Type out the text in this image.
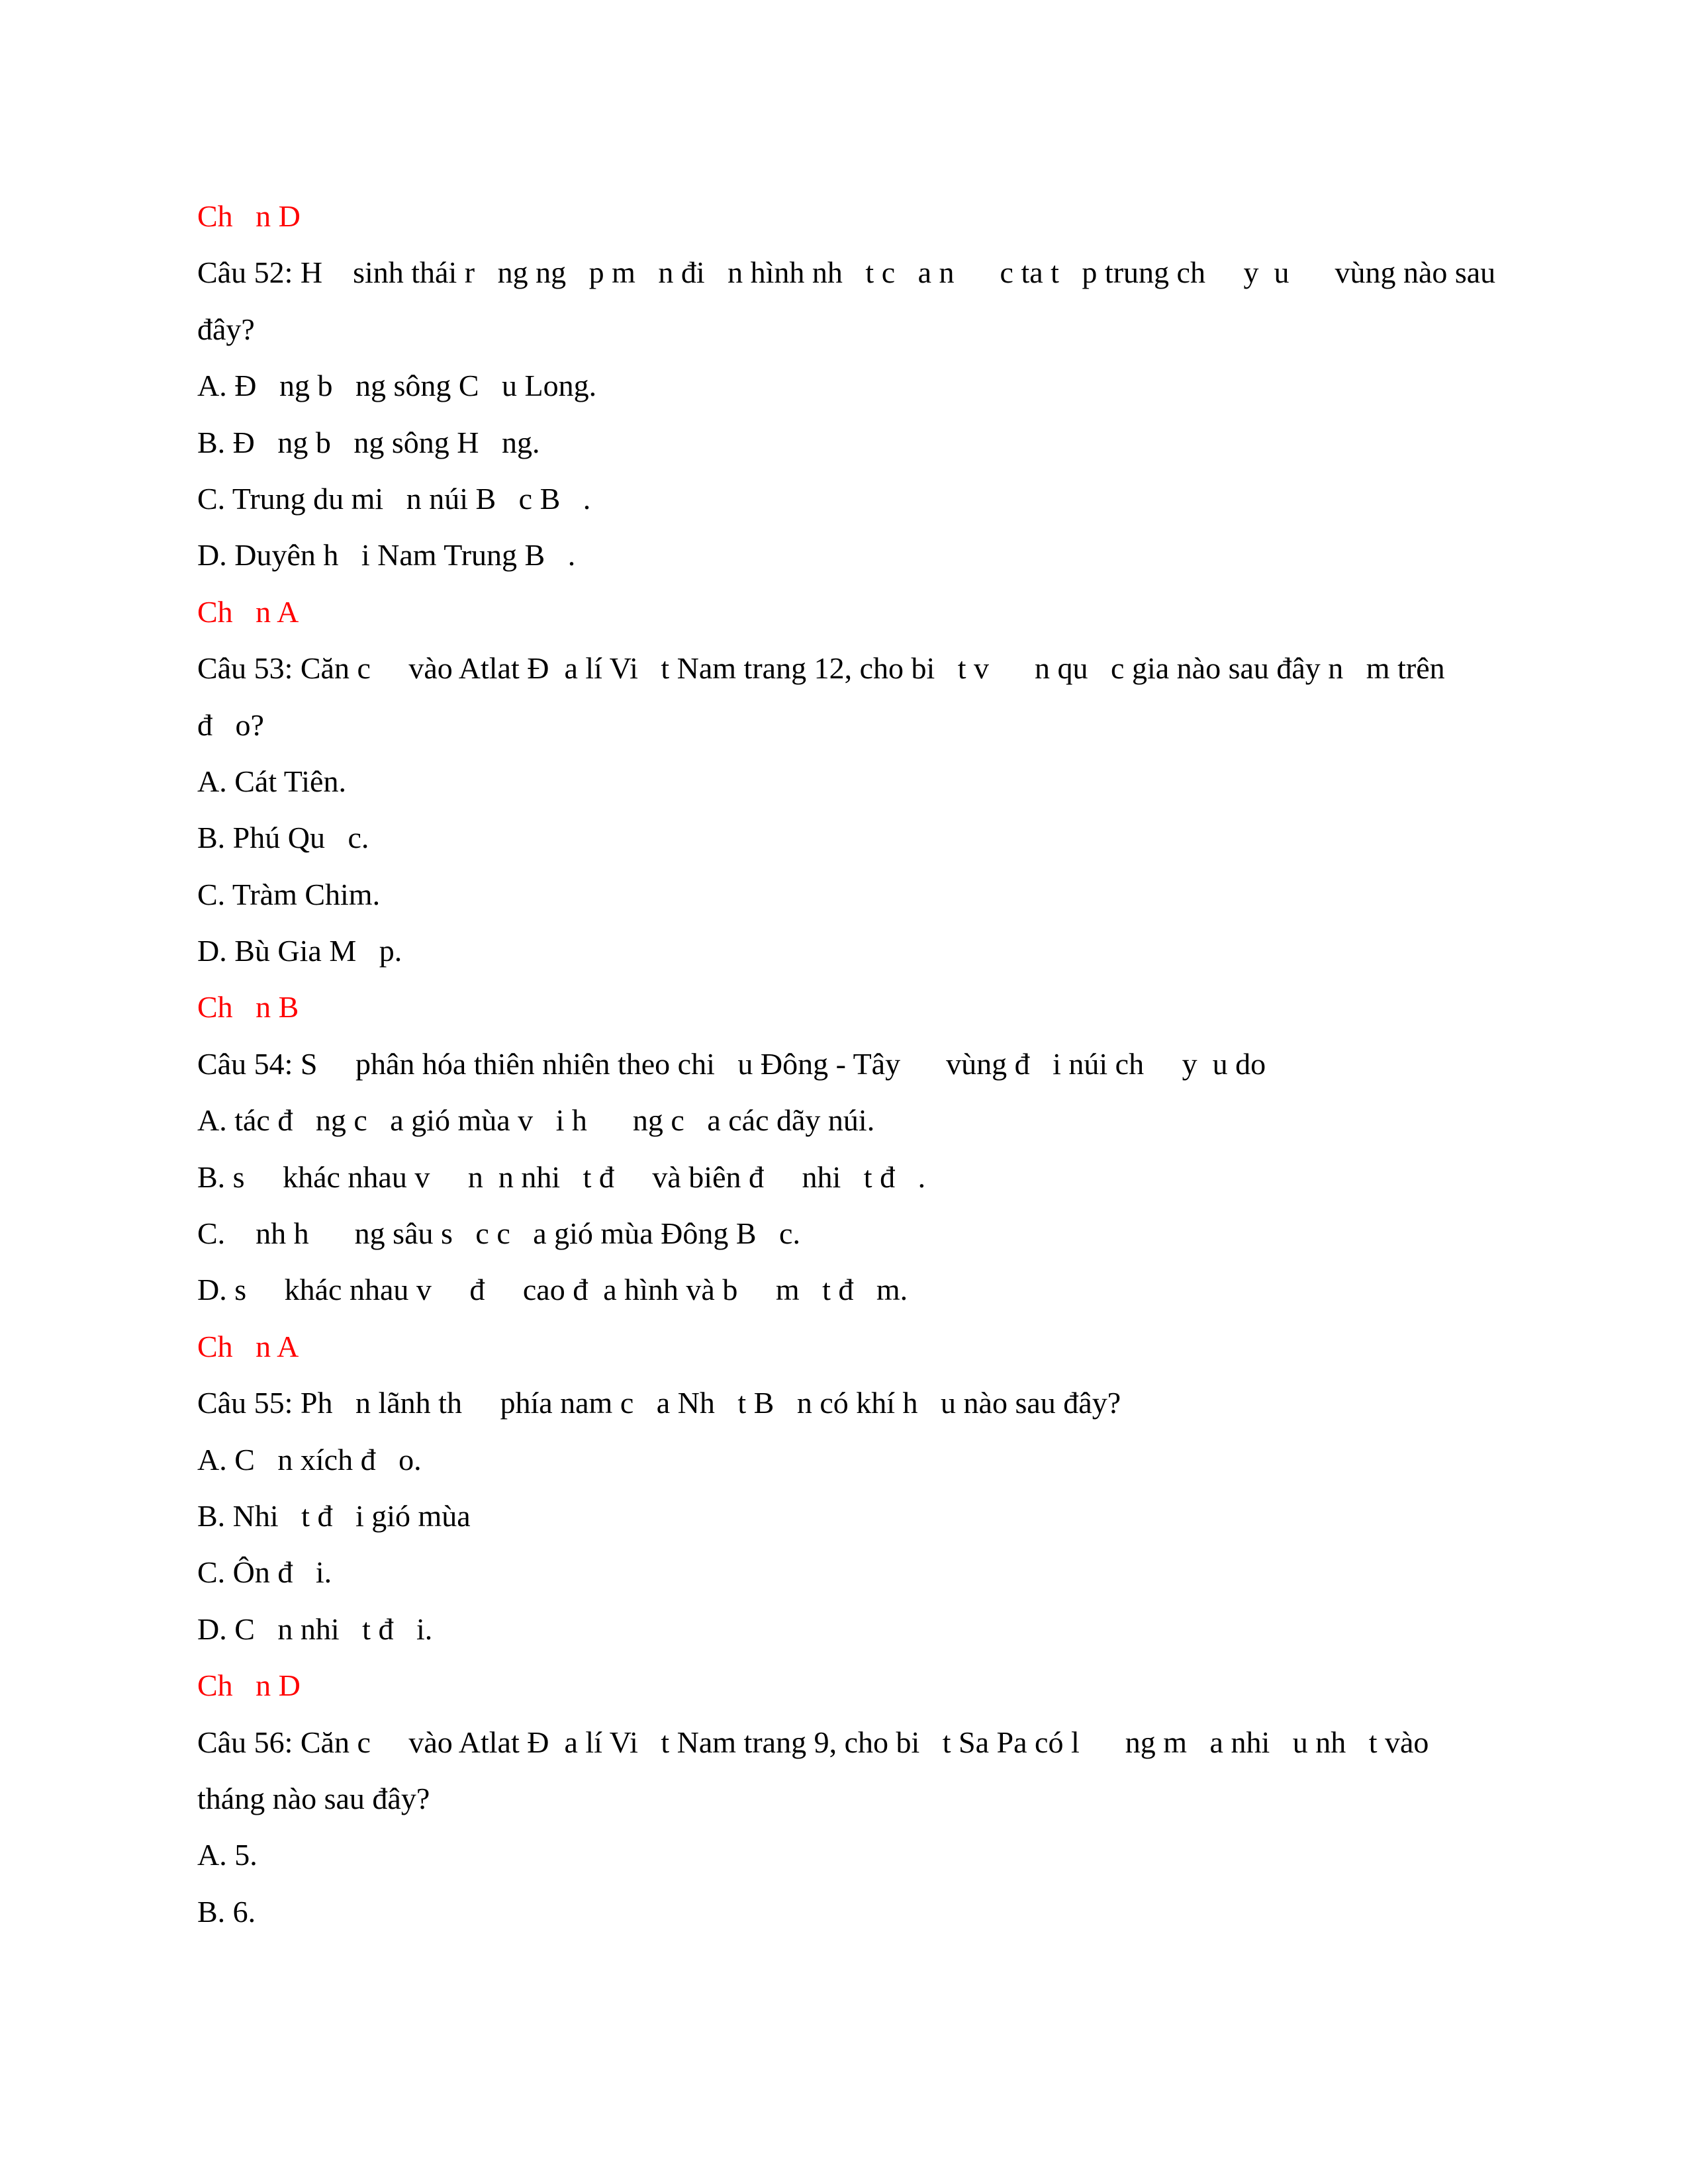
Ch   n D
Câu 52: H    sinh thái r   ng ng   p m   n đi   n hình nh   t c   a n      c ta t   p trung ch     y  u      vùng nào sau
đây?
A. Đ   ng b   ng sông C   u Long.
B. Đ   ng b   ng sông H   ng.
C. Trung du mi   n núi B   c B   .
D. Duyên h   i Nam Trung B   .
Ch   n A
Câu 53: Căn c     vào Atlat Đ  a lí Vi   t Nam trang 12, cho bi   t v      n qu   c gia nào sau đây n   m trên
đ   o?
A. Cát Tiên.
B. Phú Qu   c.
C. Tràm Chim.
D. Bù Gia M   p.
Ch   n B
Câu 54: S     phân hóa thiên nhiên theo chi   u Đông - Tây      vùng đ   i núi ch     y  u do
A. tác đ   ng c   a gió mùa v   i h      ng c   a các dãy núi.
B. s     khác nhau v     n  n nhi   t đ     và biên đ     nhi   t đ   .
C.    nh h      ng sâu s   c c   a gió mùa Đông B   c.
D. s     khác nhau v     đ     cao đ  a hình và b     m   t đ   m.
Ch   n A
Câu 55: Ph   n lãnh th     phía nam c   a Nh   t B   n có khí h   u nào sau đây?
A. C   n xích đ   o.
B. Nhi   t đ   i gió mùa
C. Ôn đ   i.
D. C   n nhi   t đ   i.
Ch   n D
Câu 56: Căn c     vào Atlat Đ  a lí Vi   t Nam trang 9, cho bi   t Sa Pa có l      ng m   a nhi   u nh   t vào
tháng nào sau đây?
A. 5.
B. 6.
